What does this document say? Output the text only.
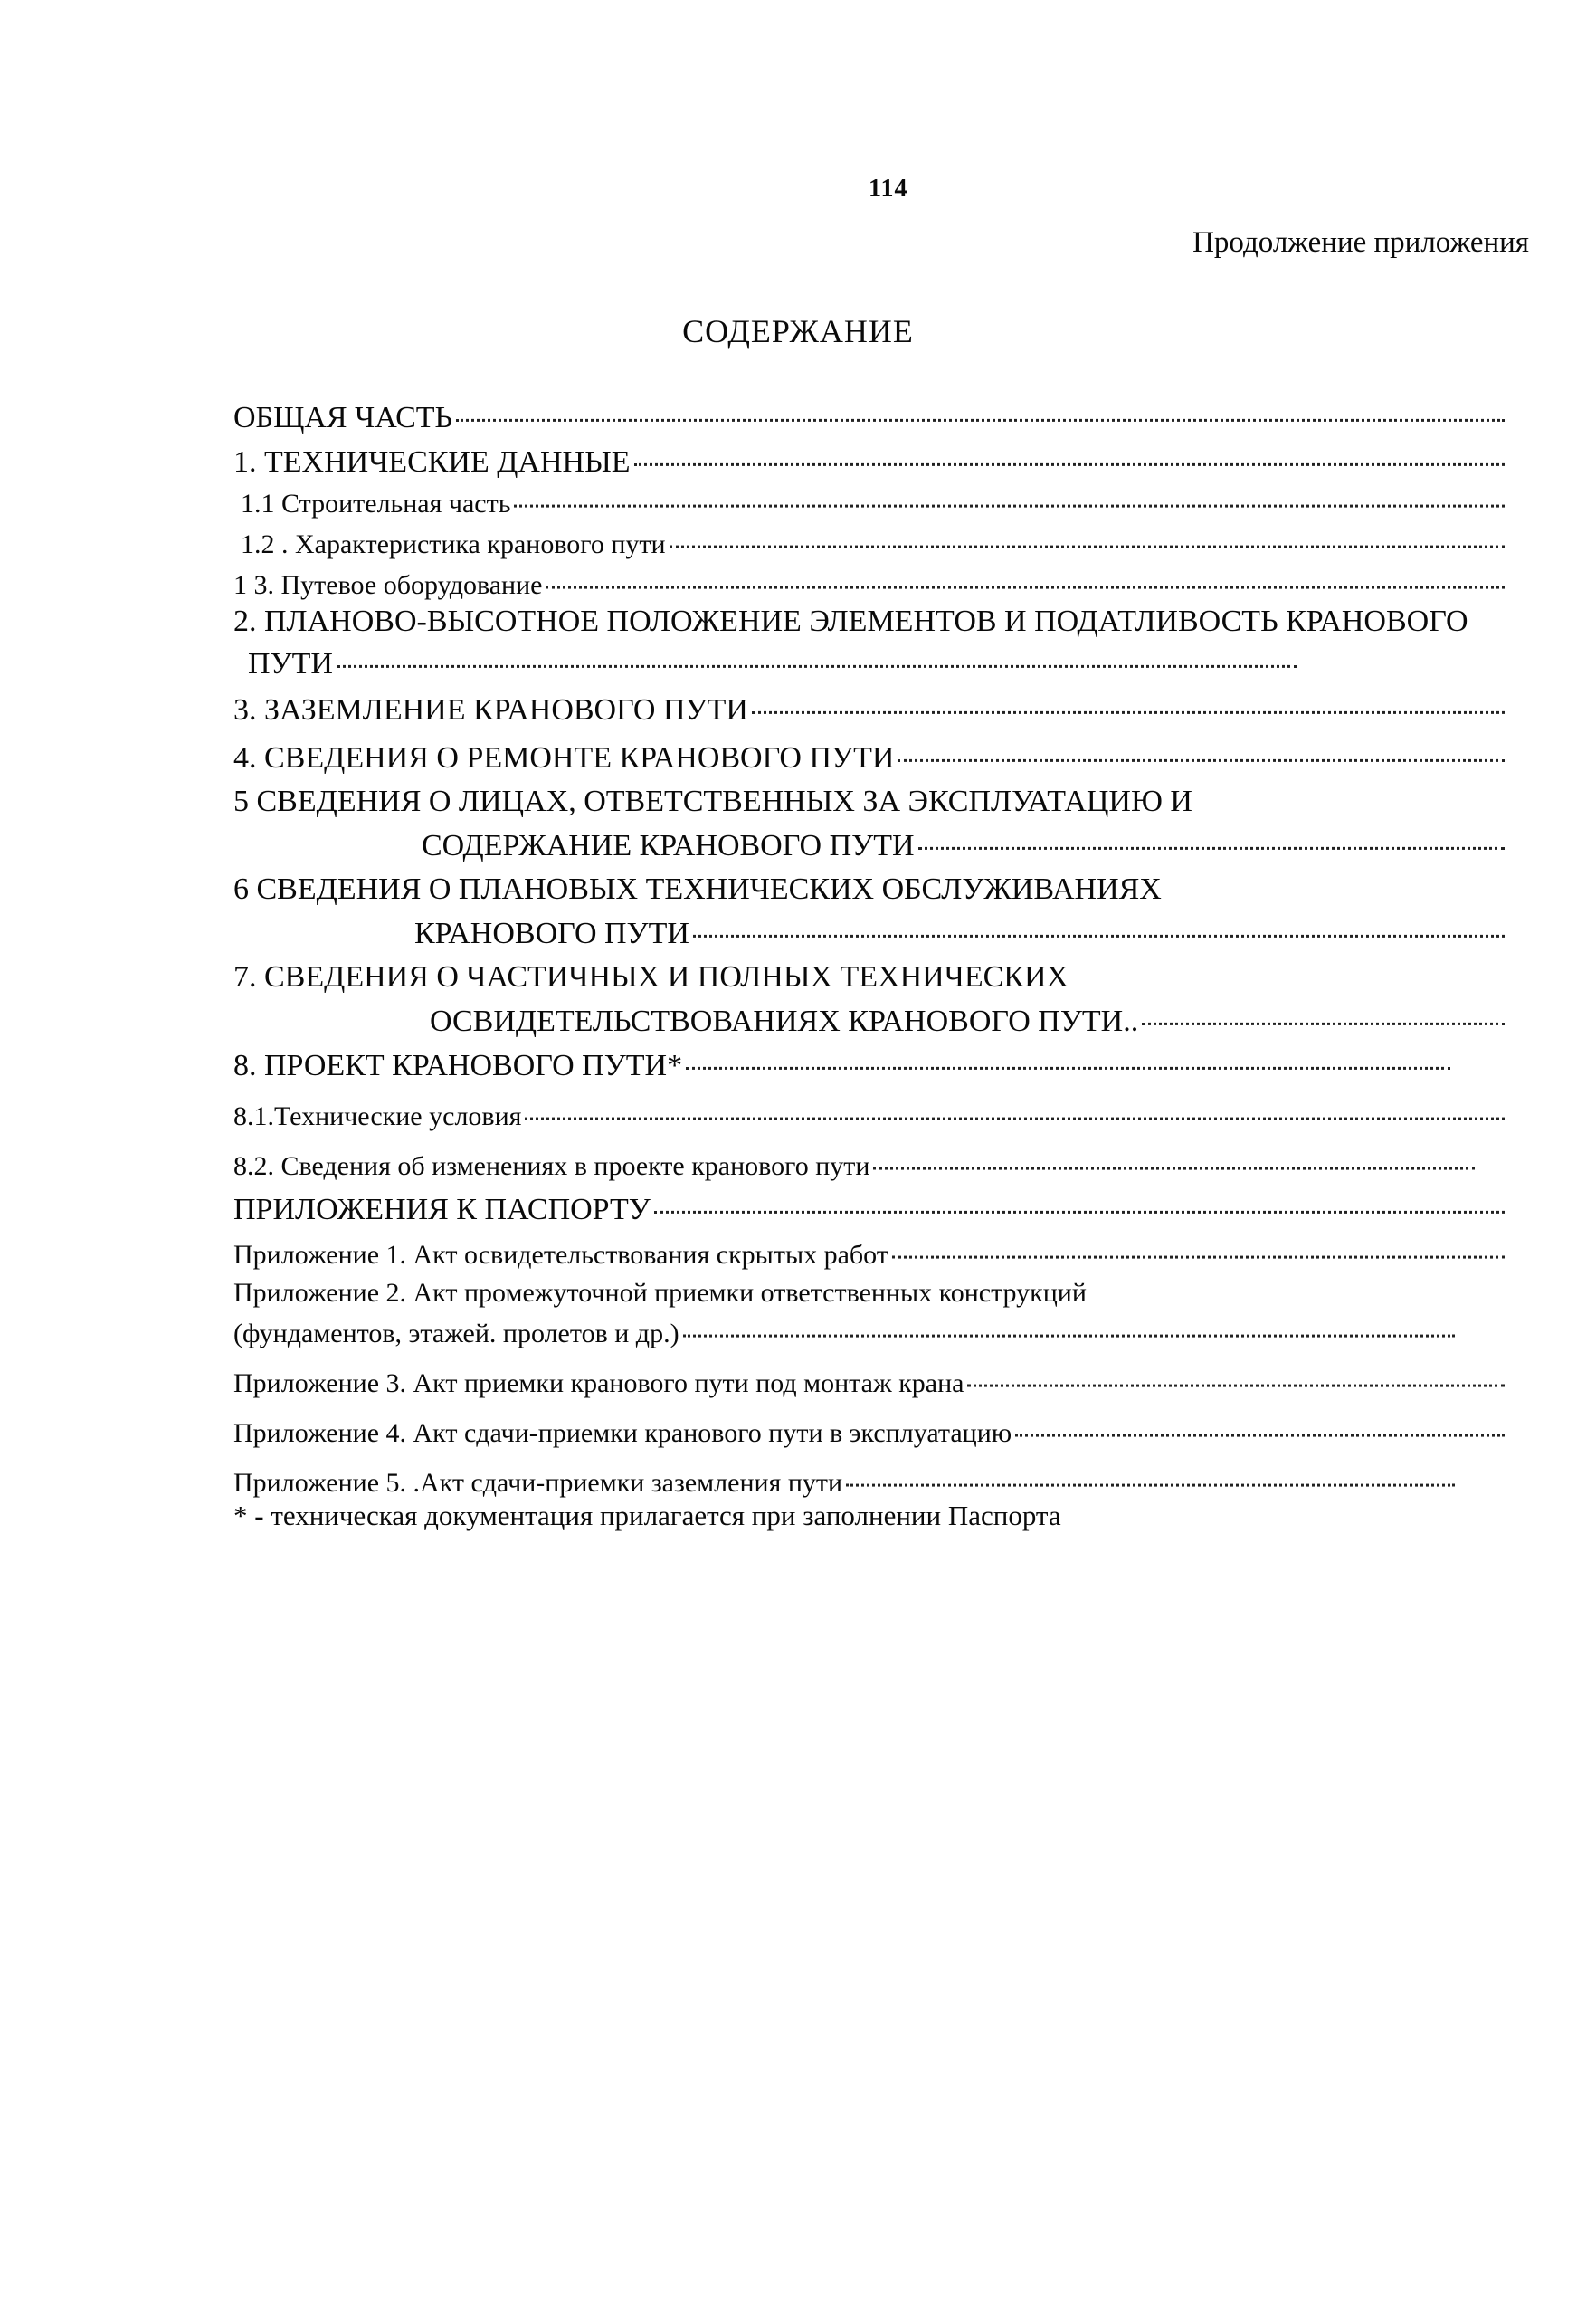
114
Продолжение приложения
СОДЕРЖАНИЕ
ОБЩАЯ ЧАСТЬ
1. ТЕХНИЧЕСКИЕ ДАННЫЕ
1.1 Строительная часть
1.2 . Характеристика кранового пути
1 3. Путевое оборудование
2. ПЛАНОВО-ВЫСОТНОЕ ПОЛОЖЕНИЕ ЭЛЕМЕНТОВ И ПОДАТЛИВОСТЬ КРАНОВОГО
ПУТИ
3. ЗАЗЕМЛЕНИЕ КРАНОВОГО ПУТИ
4. СВЕДЕНИЯ О РЕМОНТЕ КРАНОВОГО ПУТИ
5 СВЕДЕНИЯ О ЛИЦАХ, ОТВЕТСТВЕННЫХ ЗА ЭКСПЛУАТАЦИЮ И
СОДЕРЖАНИЕ КРАНОВОГО ПУТИ
6 СВЕДЕНИЯ О ПЛАНОВЫХ ТЕХНИЧЕСКИХ ОБСЛУЖИВАНИЯХ
КРАНОВОГО ПУТИ
7. СВЕДЕНИЯ О ЧАСТИЧНЫХ И ПОЛНЫХ ТЕХНИЧЕСКИХ
ОСВИДЕТЕЛЬСТВОВАНИЯХ КРАНОВОГО ПУТИ..
8. ПРОЕКТ КРАНОВОГО ПУТИ*
8.1.Технические условия
8.2. Сведения об изменениях в проекте кранового пути
ПРИЛОЖЕНИЯ К ПАСПОРТУ
Приложение 1. Акт освидетельствования скрытых работ
Приложение 2. Акт промежуточной приемки ответственных конструкций
(фундаментов, этажей. пролетов и др.)
Приложение 3. Акт приемки кранового пути под монтаж крана
Приложение 4. Акт сдачи-приемки кранового пути в эксплуатацию
Приложение 5. .Акт сдачи-приемки заземления пути
* - техническая документация прилагается при заполнении Паспорта
